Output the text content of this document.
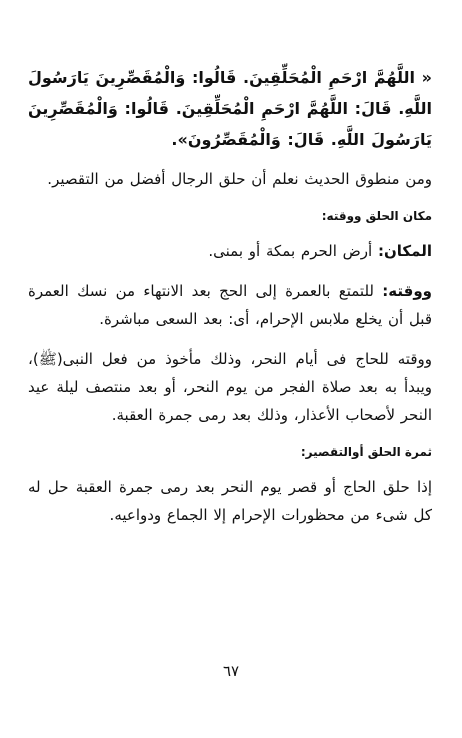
« اللَّهُمَّ ارْحَمِ الْمُحَلِّقِينَ. قَالُوا: وَالْمُقَصِّرِينَ يَارَسُولَ اللَّهِ. قَالَ: اللَّهُمَّ ارْحَمِ الْمُحَلِّقِينَ. قَالُوا: وَالْمُقَصِّرِينَ يَارَسُولَ اللَّهِ. قَالَ: وَالْمُقَصِّرُونَ».

ومن منطوق الحديث نعلم أن حلق الرجال أفضل من التقصير.

مكان الحلق ووقته:

المكان: أرض الحرم بمكة أو بمنى.

ووقته: للتمتع بالعمرة إلى الحج بعد الانتهاء من نسك العمرة قبل أن يخلع ملابس الإحرام، أى: بعد السعى مباشرة.

ووقته للحاج فى أيام النحر، وذلك مأخوذ من فعل النبى(ﷺ)، ويبدأ به بعد صلاة الفجر من يوم النحر، أو بعد منتصف ليلة عيد النحر لأصحاب الأعذار، وذلك بعد رمى جمرة العقبة.

ثمرة الحلق أوالتقصير:

إذا حلق الحاج أو قصر يوم النحر بعد رمى جمرة العقبة حل له كل شىء من محظورات الإحرام إلا الجماع ودواعيه.

٦٧
